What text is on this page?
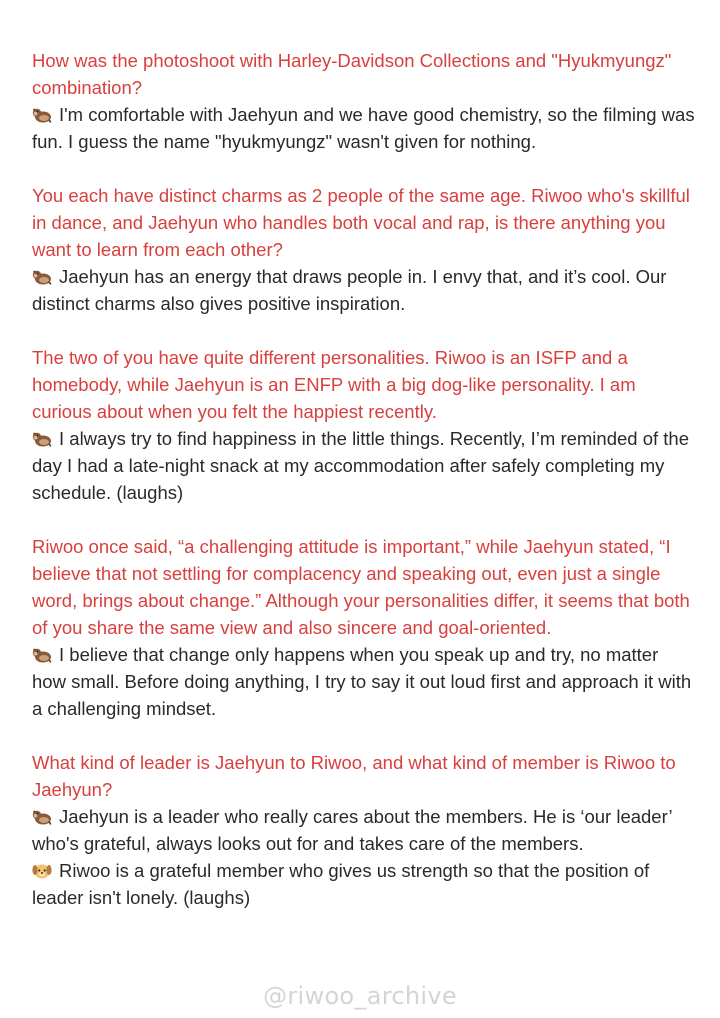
How was the photoshoot with Harley-Davidson Collections and "Hyukmyungz" combination?

I'm comfortable with Jaehyun and we have good chemistry, so the filming was fun. I guess the name "hyukmyungz" wasn't given for nothing.

You each have distinct charms as 2 people of the same age. Riwoo who's skillful in dance, and Jaehyun who handles both vocal and rap, is there anything you want to learn from each other?

Jaehyun has an energy that draws people in. I envy that, and it’s cool. Our distinct charms also gives positive inspiration.

The two of you have quite different personalities. Riwoo is an ISFP and a homebody, while Jaehyun is an ENFP with a big dog-like personality. I am curious about when you felt the happiest recently.

I always try to find happiness in the little things. Recently, I’m reminded of the day I had a late-night snack at my accommodation after safely completing my schedule. (laughs)

Riwoo once said, “a challenging attitude is important,” while Jaehyun stated, “I believe that not settling for complacency and speaking out, even just a single word, brings about change.” Although your personalities differ, it seems that both of you share the same view and also sincere and goal-oriented.

I believe that change only happens when you speak up and try, no matter how small. Before doing anything, I try to say it out loud first and approach it with a challenging mindset.

What kind of leader is Jaehyun to Riwoo, and what kind of member is Riwoo to Jaehyun?

Jaehyun is a leader who really cares about the members. He is ‘our leader’ who's grateful, always looks out for and takes care of the members.

Riwoo is a grateful member who gives us strength so that the position of leader isn't lonely. (laughs)

@riwoo_archive
